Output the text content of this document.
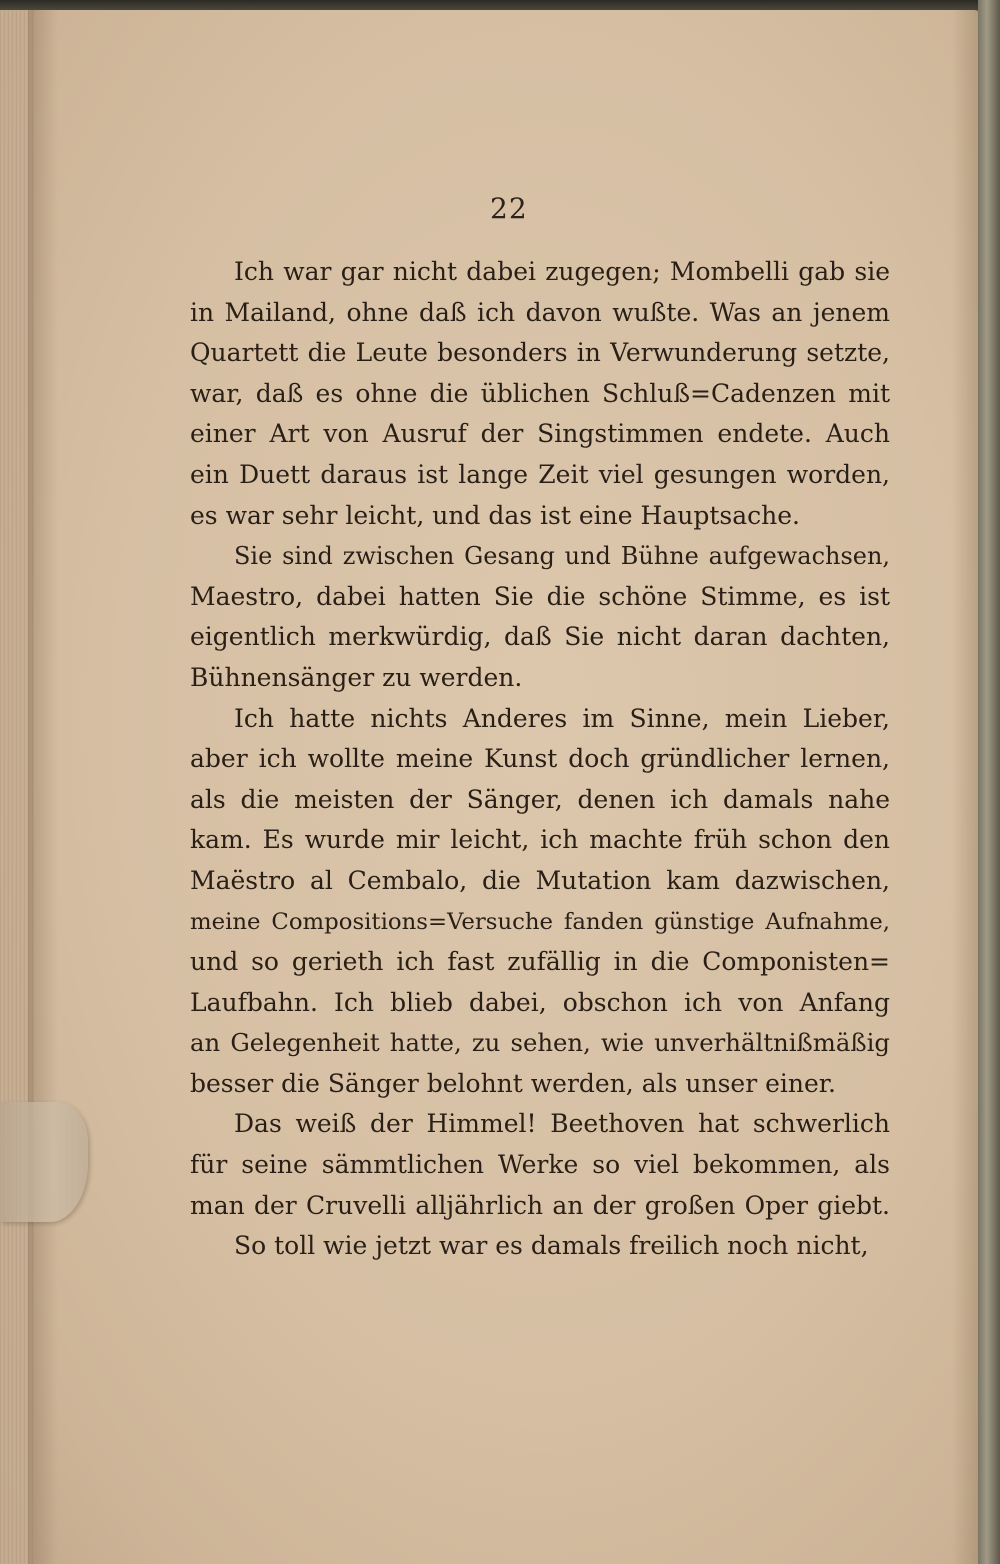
22
Ich war gar nicht dabei zugegen; Mombelli gab sie
in Mailand, ohne daß ich davon wußte. Was an jenem
Quartett die Leute besonders in Verwunderung setzte,
war, daß es ohne die üblichen Schluß=Cadenzen mit
einer Art von Ausruf der Singstimmen endete. Auch
ein Duett daraus ist lange Zeit viel gesungen worden,
es war sehr leicht, und das ist eine Hauptsache.
Sie sind zwischen Gesang und Bühne aufgewachsen,
Maestro, dabei hatten Sie die schöne Stimme, es ist
eigentlich merkwürdig, daß Sie nicht daran dachten,
Bühnensänger zu werden.
Ich hatte nichts Anderes im Sinne, mein Lieber,
aber ich wollte meine Kunst doch gründlicher lernen,
als die meisten der Sänger, denen ich damals nahe
kam. Es wurde mir leicht, ich machte früh schon den
Maëstro al Cembalo, die Mutation kam dazwischen,
meine Compositions=Versuche fanden günstige Aufnahme,
und so gerieth ich fast zufällig in die Componisten=
Laufbahn. Ich blieb dabei, obschon ich von Anfang
an Gelegenheit hatte, zu sehen, wie unverhältnißmäßig
besser die Sänger belohnt werden, als unser einer.
Das weiß der Himmel! Beethoven hat schwerlich
für seine sämmtlichen Werke so viel bekommen, als
man der Cruvelli alljährlich an der großen Oper giebt.
So toll wie jetzt war es damals freilich noch nicht,
